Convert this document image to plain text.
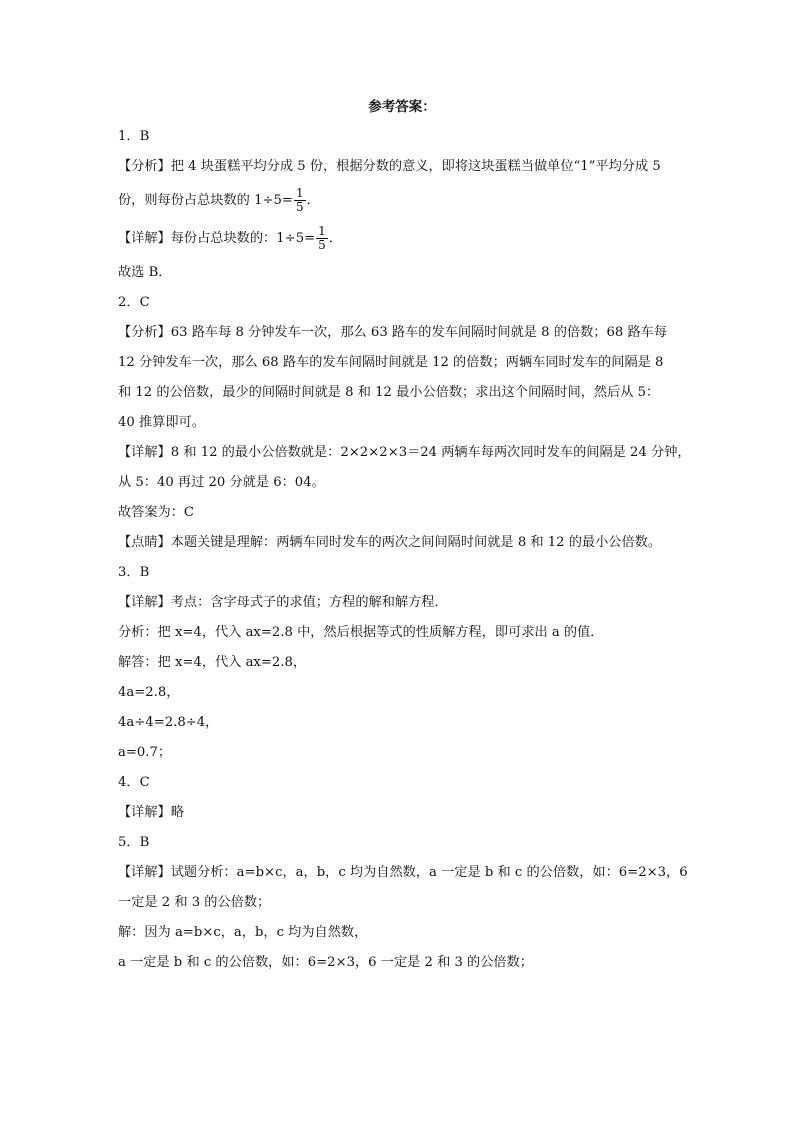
参考答案：
1．B
【分析】把 4 块蛋糕平均分成 5 份，根据分数的意义，即将这块蛋糕当做单位“1”平均分成 5
份，则每份占总块数的 $1\div 5= \frac{1}{5}$ ．
【详解】每份占总块数的：$1\div 5= \frac{1}{5}$ ．
故选 B．
2．C
【分析】63 路车每 8 分钟发车一次，那么 63 路车的发车间隔时间就是 8 的倍数；68 路车每
12 分钟发车一次，那么 68 路车的发车间隔时间就是 12 的倍数；两辆车同时发车的间隔是 8
和 12 的公倍数，最少的间隔时间就是 8 和 12 最小公倍数；求出这个间隔时间，然后从 5：
40 推算即可。
【详解】8 和 12 的最小公倍数就是：2×2×2×3＝24 两辆车每两次同时发车的间隔是 24 分钟，
从 5：40 再过 20 分就是 6：04。
故答案为：C
【点睛】本题关键是理解：两辆车同时发车的两次之间间隔时间就是 8 和 12 的最小公倍数。
3．B
【详解】考点：含字母式子的求值；方程的解和解方程．
分析：把 x=4，代入 ax=2.8 中，然后根据等式的性质解方程，即可求出 a 的值．
解答：把 x=4，代入 ax=2.8，
4a=2.8，
4a÷4=2.8÷4，
a=0.7；
4．C
【详解】略
5．B
【详解】试题分析：a=b×c，a，b，c 均为自然数，a 一定是 b 和 c 的公倍数，如：6=2×3，6
一定是 2 和 3 的公倍数；
解：因为 a=b×c，a，b，c 均为自然数，
a 一定是 b 和 c 的公倍数，如：6=2×3，6 一定是 2 和 3 的公倍数；
